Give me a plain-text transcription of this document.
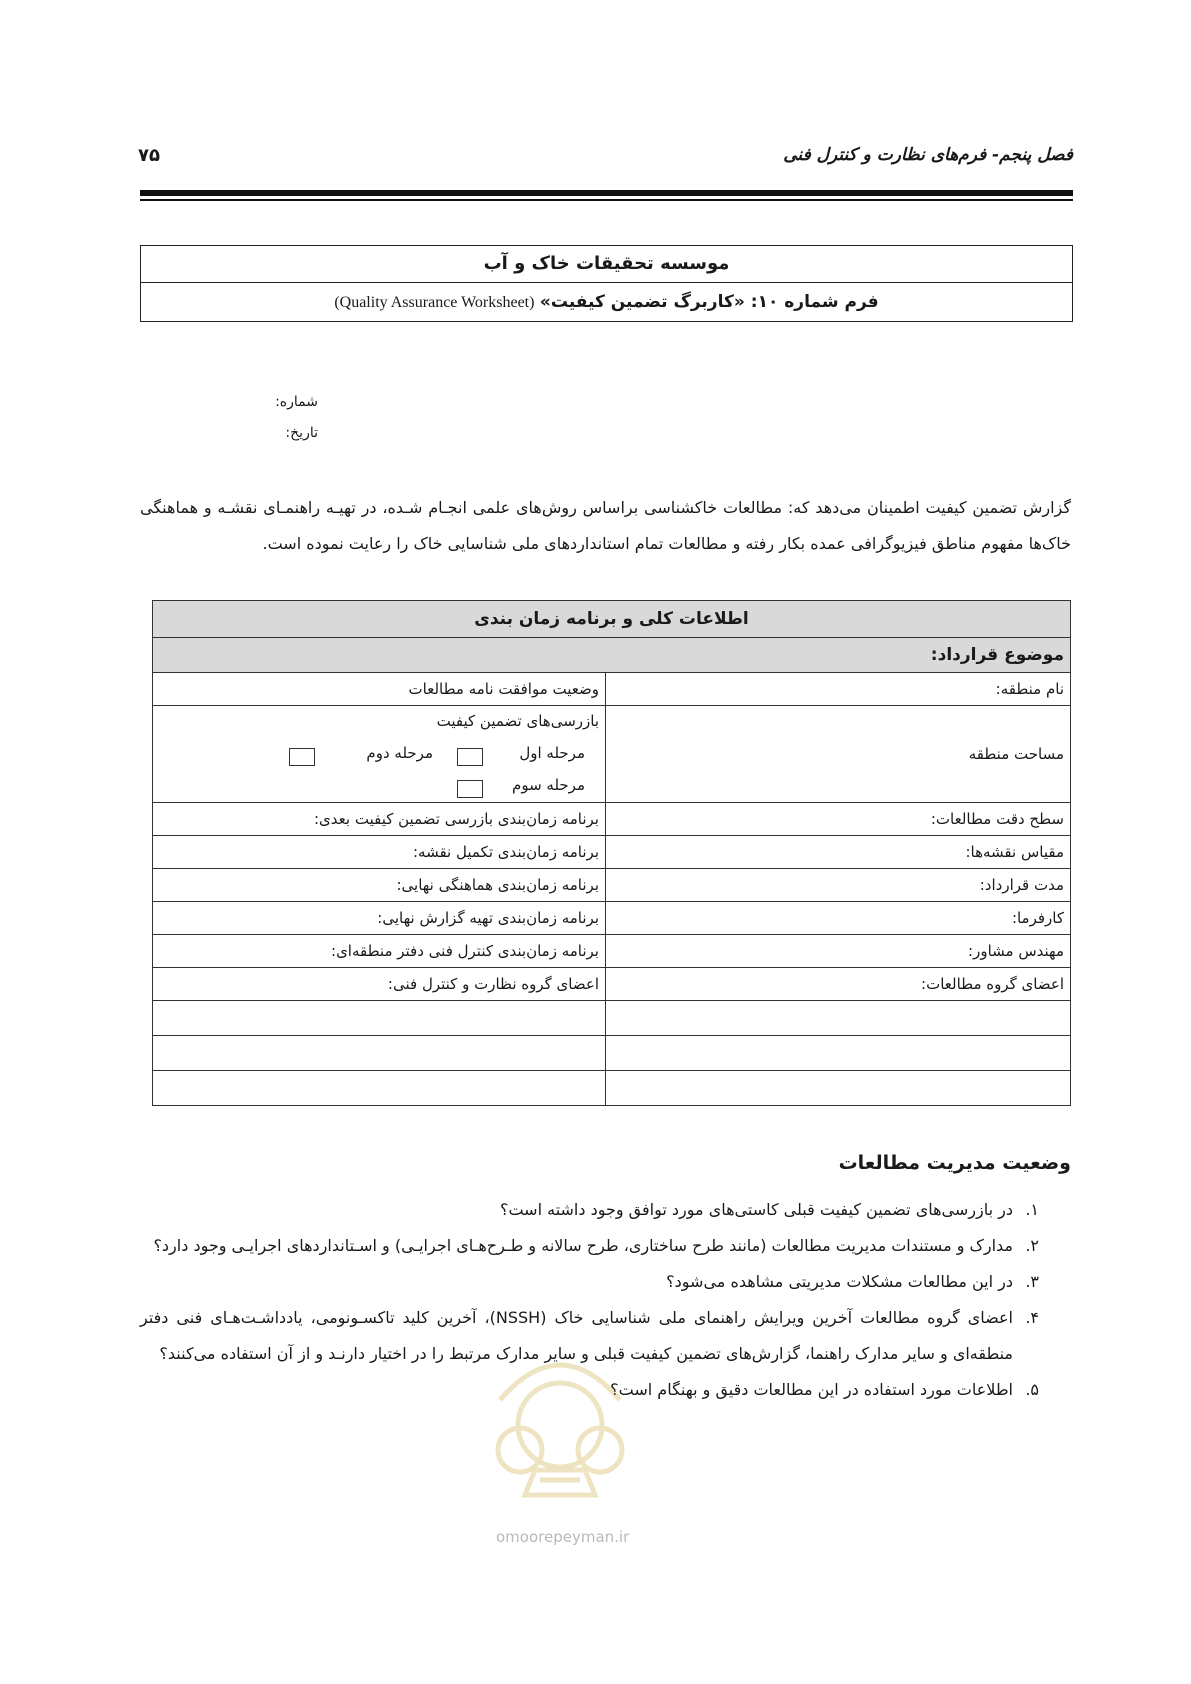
فصل پنجم- فرم‌های نظارت و کنترل فنی
۷۵
موسسه تحقیقات خاک و آب
فرم شماره ۱۰: «کاربرگ تضمین کیفیت» (Quality Assurance Worksheet)
شماره:
تاریخ:
گزارش تضمین کیفیت اطمینان می‌دهد که: مطالعات خاکشناسی براساس روش‌های علمی انجـام شـده، در تهیـه راهنمـای نقشـه و هماهنگی خاک‌ها مفهوم مناطق فیزیوگرافی عمده بکار رفته و مطالعات تمام استانداردهای ملی شناسایی خاک را رعایت نموده است.
اطلاعات کلی و برنامه زمان بندی	
موضوع قرارداد:	
نام منطقه:	وضعیت موافقت نامه مطالعات
مساحت منطقه	بازرسی‌های تضمین کیفیت
مرحله اول
مرحله دوم
مرحله سوم

سطح دقت مطالعات:	برنامه زمان‌بندی بازرسی تضمین کیفیت بعدی:
مقیاس نقشه‌ها:	برنامه زمان‌بندی تکمیل نقشه:
مدت قرارداد:	برنامه زمان‌بندی هماهنگی نهایی:
کارفرما:	برنامه زمان‌بندی تهیه گزارش نهایی:
مهندس مشاور:	برنامه زمان‌بندی کنترل فنی دفتر منطقه‌ای:
اعضای گروه مطالعات:	اعضای گروه نظارت و کنترل فنی:

وضعیت مدیریت مطالعات
۱.
در بازرسی‌های تضمین کیفیت قبلی کاستی‌های مورد توافق وجود داشته است؟
۲.
مدارک و مستندات مدیریت مطالعات (مانند طرح ساختاری، طرح سالانه و طـرح‌هـای اجرایـی) و اسـتانداردهای اجرایـی وجود دارد؟
۳.
در این مطالعات مشکلات مدیریتی مشاهده می‌شود؟
۴.
اعضای گروه مطالعات آخرین ویرایش راهنمای ملی شناسایی خاک (NSSH)، آخرین کلید تاکسـونومی، یادداشـت‌هـای فنی دفتر منطقه‌ای و سایر مدارک راهنما، گزارش‌های تضمین کیفیت قبلی و سایر مدارک مرتبط را در اختیار دارنـد و از آن استفاده می‌کنند؟
۵.
اطلاعات مورد استفاده در این مطالعات دقیق و بهنگام است؟
omoorepeyman.ir
